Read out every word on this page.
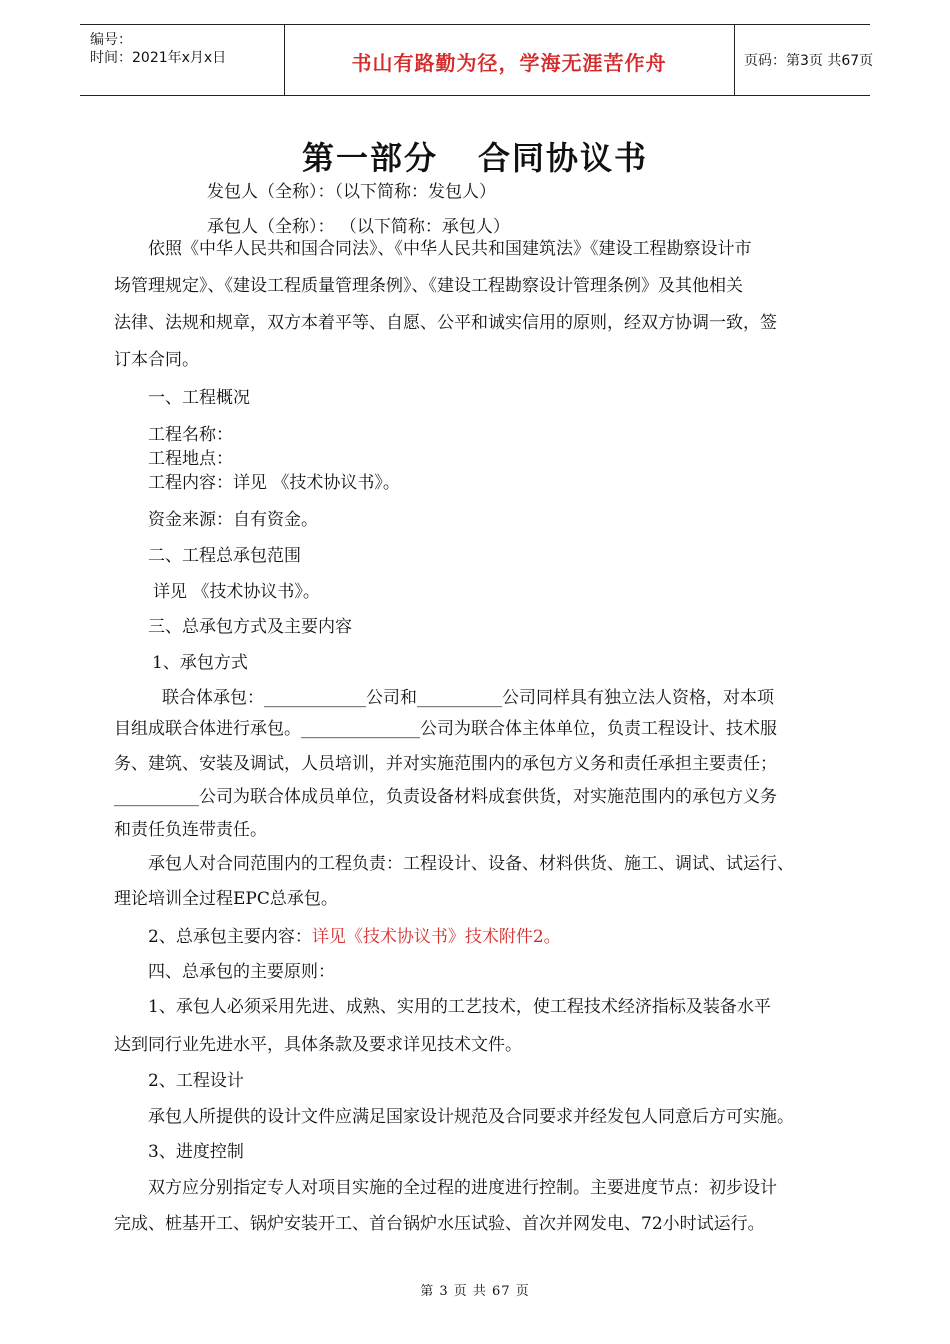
编号：
时间：2021年x月x日	书山有路勤为径，学海无涯苦作舟	页码：第3页 共67页
第一部分 合同协议书
发包人（全称）：（以下简称：发包人）
承包人（全称）： （以下简称：承包人）
依照《中华人民共和国合同法》、《中华人民共和国建筑法》《建设工程勘察设计市
场管理规定》、《建设工程质量管理条例》、《建设工程勘察设计管理条例》及其他相关
法律、法规和规章，双方本着平等、自愿、公平和诚实信用的原则，经双方协调一致，签
订本合同。
一、工程概况
工程名称：
工程地点：
工程内容：详见 《技术协议书》。
资金来源：自有资金。
二、工程总承包范围
详见 《技术协议书》。
三、总承包方式及主要内容
1、承包方式
联合体承包：____________公司和__________公司同样具有独立法人资格，对本项
目组成联合体进行承包。______________公司为联合体主体单位，负责工程设计、技术服
务、建筑、安装及调试，人员培训，并对实施范围内的承包方义务和责任承担主要责任；
__________公司为联合体成员单位，负责设备材料成套供货，对实施范围内的承包方义务
和责任负连带责任。
承包人对合同范围内的工程负责：工程设计、设备、材料供货、施工、调试、试运行、
理论培训全过程EPC总承包。
2、总承包主要内容：详见《技术协议书》技术附件2。
四、总承包的主要原则：
1、承包人必须采用先进、成熟、实用的工艺技术，使工程技术经济指标及装备水平
达到同行业先进水平，具体条款及要求详见技术文件。
2、工程设计
承包人所提供的设计文件应满足国家设计规范及合同要求并经发包人同意后方可实施。
3、进度控制
双方应分别指定专人对项目实施的全过程的进度进行控制。主要进度节点：初步设计
完成、桩基开工、锅炉安装开工、首台锅炉水压试验、首次并网发电、72小时试运行。
第 3 页 共 67 页
